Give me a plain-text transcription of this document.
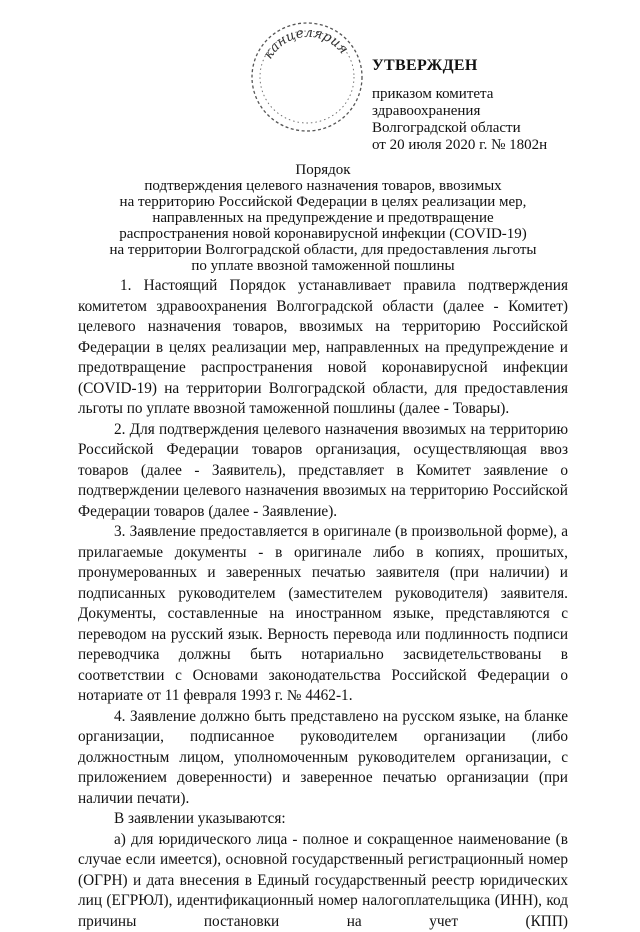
канцелярия
УТВЕРЖДЕН
приказом комитета
здравоохранения
Волгоградской области
от 20 июля 2020 г. № 1802н
Порядок
подтверждения целевого назначения товаров, ввозимых
на территорию Российской Федерации в целях реализации мер,
направленных на предупреждение и предотвращение
распространения новой коронавирусной инфекции (COVID-19)
на территории Волгоградской области, для предоставления льготы
по уплате ввозной таможенной пошлины

1. Настоящий Порядок устанавливает правила подтверждения комитетом здравоохранения Волгоградской области (далее - Комитет) целевого назначения товаров, ввозимых на территорию Российской Федерации в целях реализации мер, направленных на предупреждение и предотвращение распространения новой коронавирусной инфекции (COVID-19) на территории Волгоградской области, для предоставления льготы по уплате ввозной таможенной пошлины (далее - Товары).

2. Для подтверждения целевого назначения ввозимых на территорию Российской Федерации товаров организация, осуществляющая ввоз товаров (далее - Заявитель), представляет в Комитет заявление о подтверждении целевого назначения ввозимых на территорию Российской Федерации товаров (далее - Заявление).

3. Заявление предоставляется в оригинале (в произвольной форме), а прилагаемые документы - в оригинале либо в копиях, прошитых, пронумерованных и заверенных печатью заявителя (при наличии) и подписанных руководителем (заместителем руководителя) заявителя. Документы, составленные на иностранном языке, представляются с переводом на русский язык. Верность перевода или подлинность подписи переводчика должны быть нотариально засвидетельствованы в соответствии с Основами законодательства Российской Федерации о нотариате от 11 февраля 1993 г. № 4462-1.

4. Заявление должно быть представлено на русском языке, на бланке организации, подписанное руководителем организации (либо должностным лицом, уполномоченным руководителем организации, с приложением доверенности) и заверенное печатью организации (при наличии печати).

В заявлении указываются:

а) для юридического лица - полное и сокращенное наименование (в случае если имеется), основной государственный регистрационный номер (ОГРН) и дата внесения в Единый государственный реестр юридических лиц (ЕГРЮЛ), идентификационный номер налогоплательщика (ИНН), код причины постановки на учет (КПП)
